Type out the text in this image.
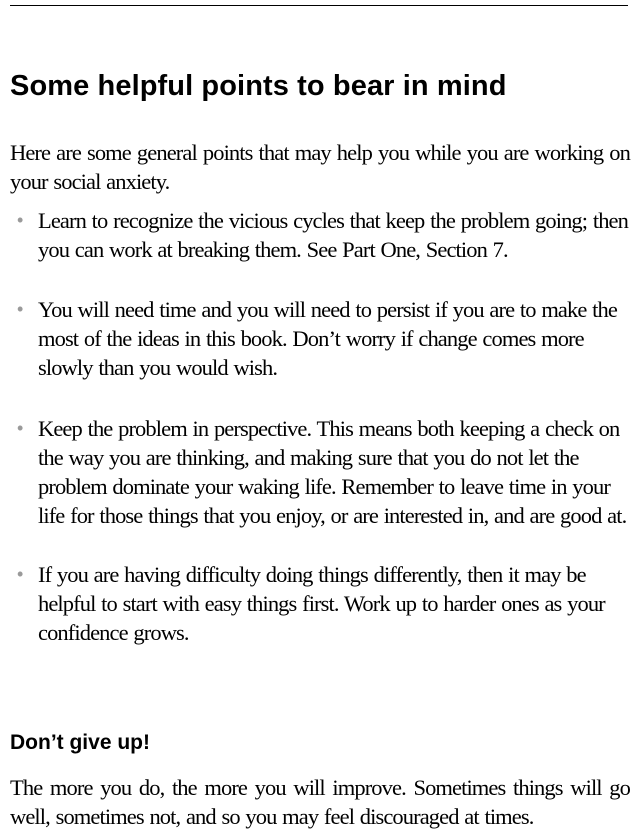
Some helpful points to bear in mind

Here are some general points that may help you while you are working on your social anxiety.

• Learn to recognize the vicious cycles that keep the problem going; then you can work at breaking them. See Part One, Section 7.
• You will need time and you will need to persist if you are to make the most of the ideas in this book. Don’t worry if change comes more slowly than you would wish.
• Keep the problem in perspective. This means both keeping a check on the way you are thinking, and making sure that you do not let the problem dominate your waking life. Remember to leave time in your life for those things that you enjoy, or are interested in, and are good at.
• If you are having difficulty doing things differently, then it may be helpful to start with easy things first. Work up to harder ones as your confidence grows.
Don’t give up!

The more you do, the more you will improve. Sometimes things will go well, sometimes not, and so you may feel discouraged at times.
